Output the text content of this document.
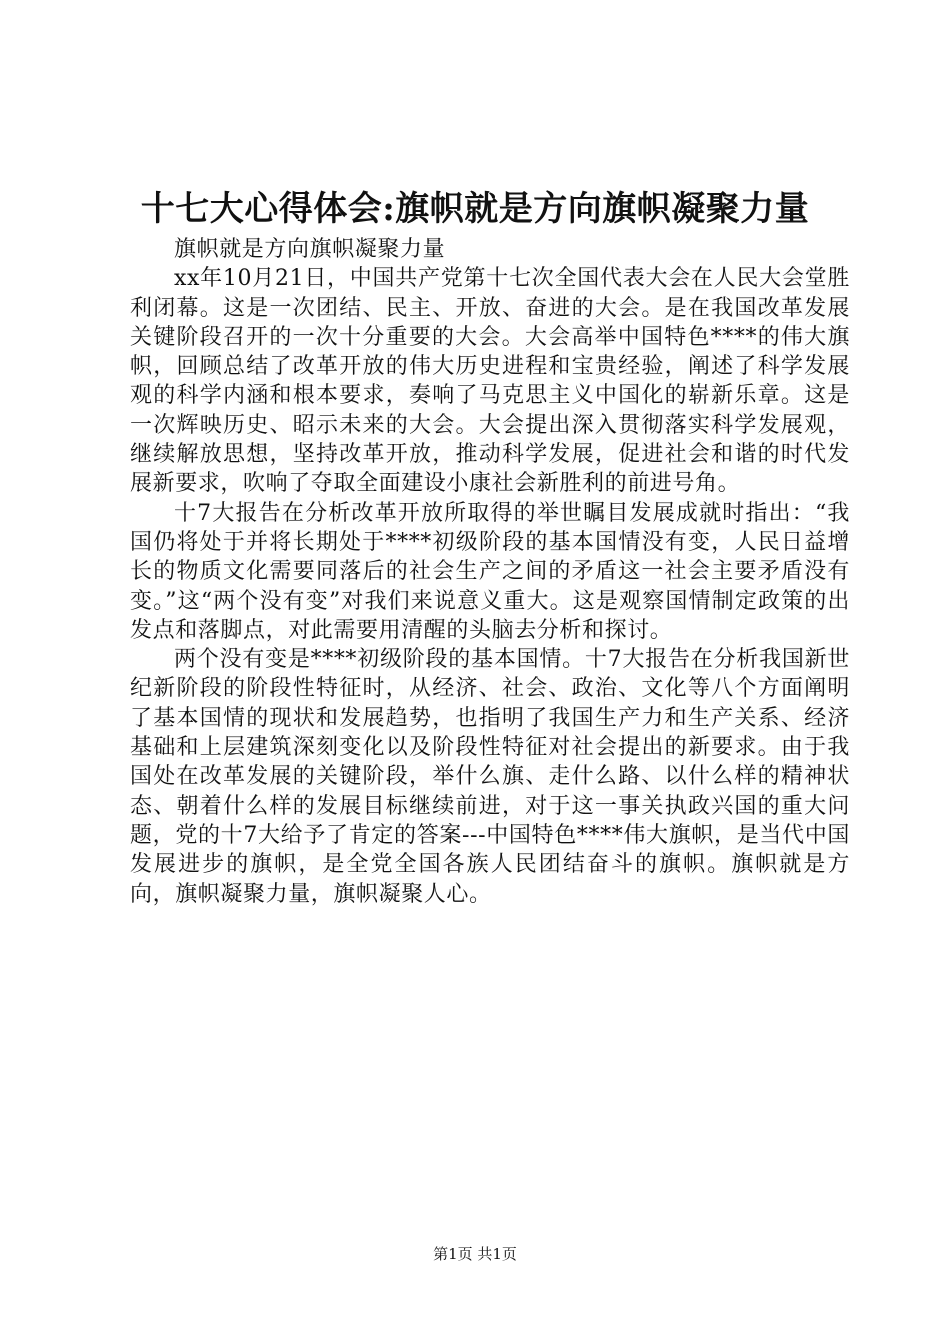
十七大心得体会:旗帜就是方向旗帜凝聚力量

旗帜就是方向旗帜凝聚力量

xx年10月21日，中国共产党第十七次全国代表大会在人民大会堂胜利闭幕。这是一次团结、民主、开放、奋进的大会。是在我国改革发展关键阶段召开的一次十分重要的大会。大会高举中国特色****的伟大旗帜，回顾总结了改革开放的伟大历史进程和宝贵经验，阐述了科学发展观的科学内涵和根本要求，奏响了马克思主义中国化的崭新乐章。这是一次辉映历史、昭示未来的大会。大会提出深入贯彻落实科学发展观，继续解放思想，坚持改革开放，推动科学发展，促进社会和谐的时代发展新要求，吹响了夺取全面建设小康社会新胜利的前进号角。

十7大报告在分析改革开放所取得的举世瞩目发展成就时指出：“我国仍将处于并将长期处于****初级阶段的基本国情没有变，人民日益增长的物质文化需要同落后的社会生产之间的矛盾这一社会主要矛盾没有变。”这“两个没有变”对我们来说意义重大。这是观察国情制定政策的出发点和落脚点，对此需要用清醒的头脑去分析和探讨。

两个没有变是****初级阶段的基本国情。十7大报告在分析我国新世纪新阶段的阶段性特征时，从经济、社会、政治、文化等八个方面阐明了基本国情的现状和发展趋势，也指明了我国生产力和生产关系、经济基础和上层建筑深刻变化以及阶段性特征对社会提出的新要求。由于我国处在改革发展的关键阶段，举什么旗、走什么路、以什么样的精神状态、朝着什么样的发展目标继续前进，对于这一事关执政兴国的重大问题，党的十7大给予了肯定的答案---中国特色****伟大旗帜，是当代中国发展进步的旗帜，是全党全国各族人民团结奋斗的旗帜。旗帜就是方向，旗帜凝聚力量，旗帜凝聚人心。

第1页 共1页
